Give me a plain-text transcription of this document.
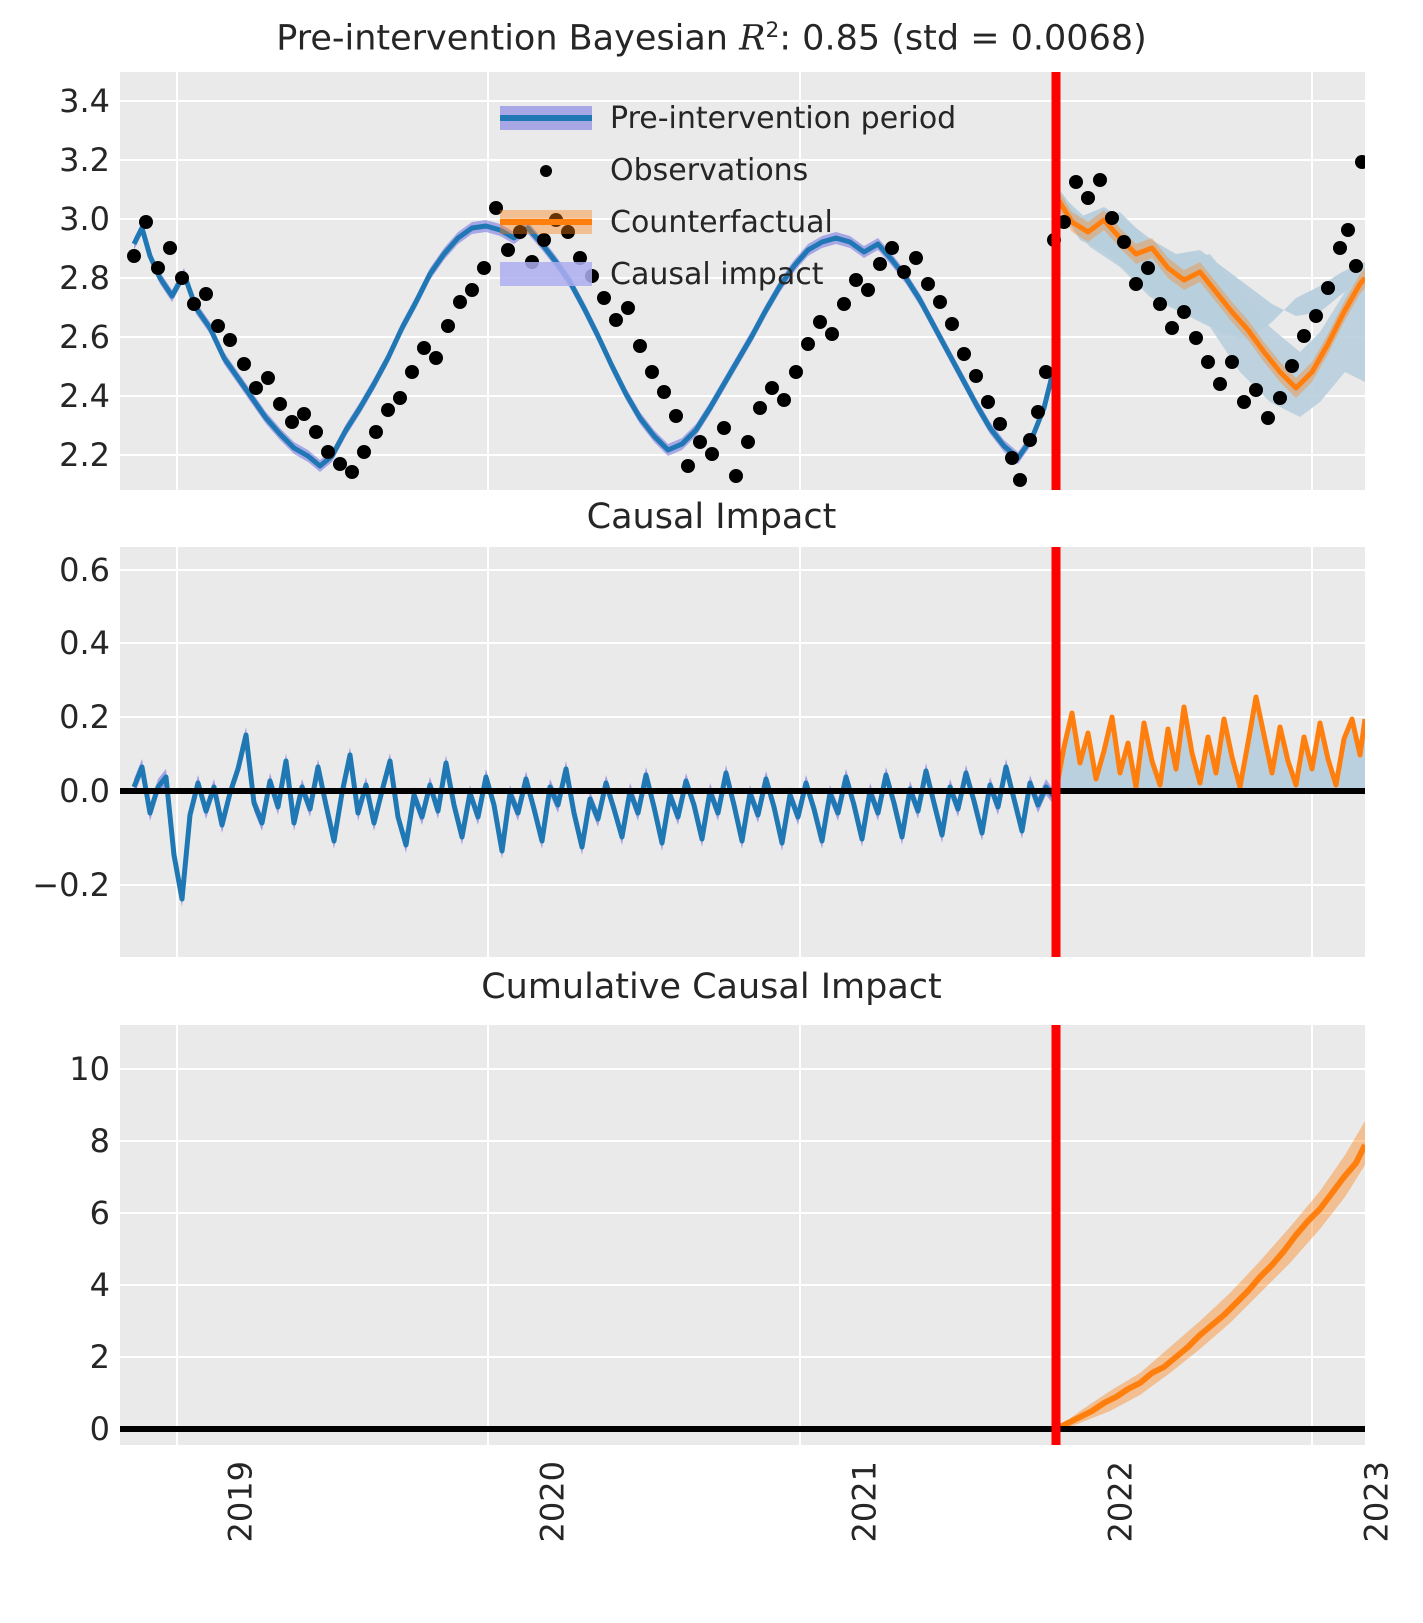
Pre-intervention Bayesian $R^2$: 0.85 (std = 0.0068)
3.4
3.2
3.0
2.8
2.6
2.4
2.2
Pre-intervention period
Observations
Counterfactual
Causal impact
Causal Impact
0.6
0.4
0.2
0.0
−0.2
Cumulative Causal Impact
10
8
6
4
2
0
2019	2020	2021	2022	2023
